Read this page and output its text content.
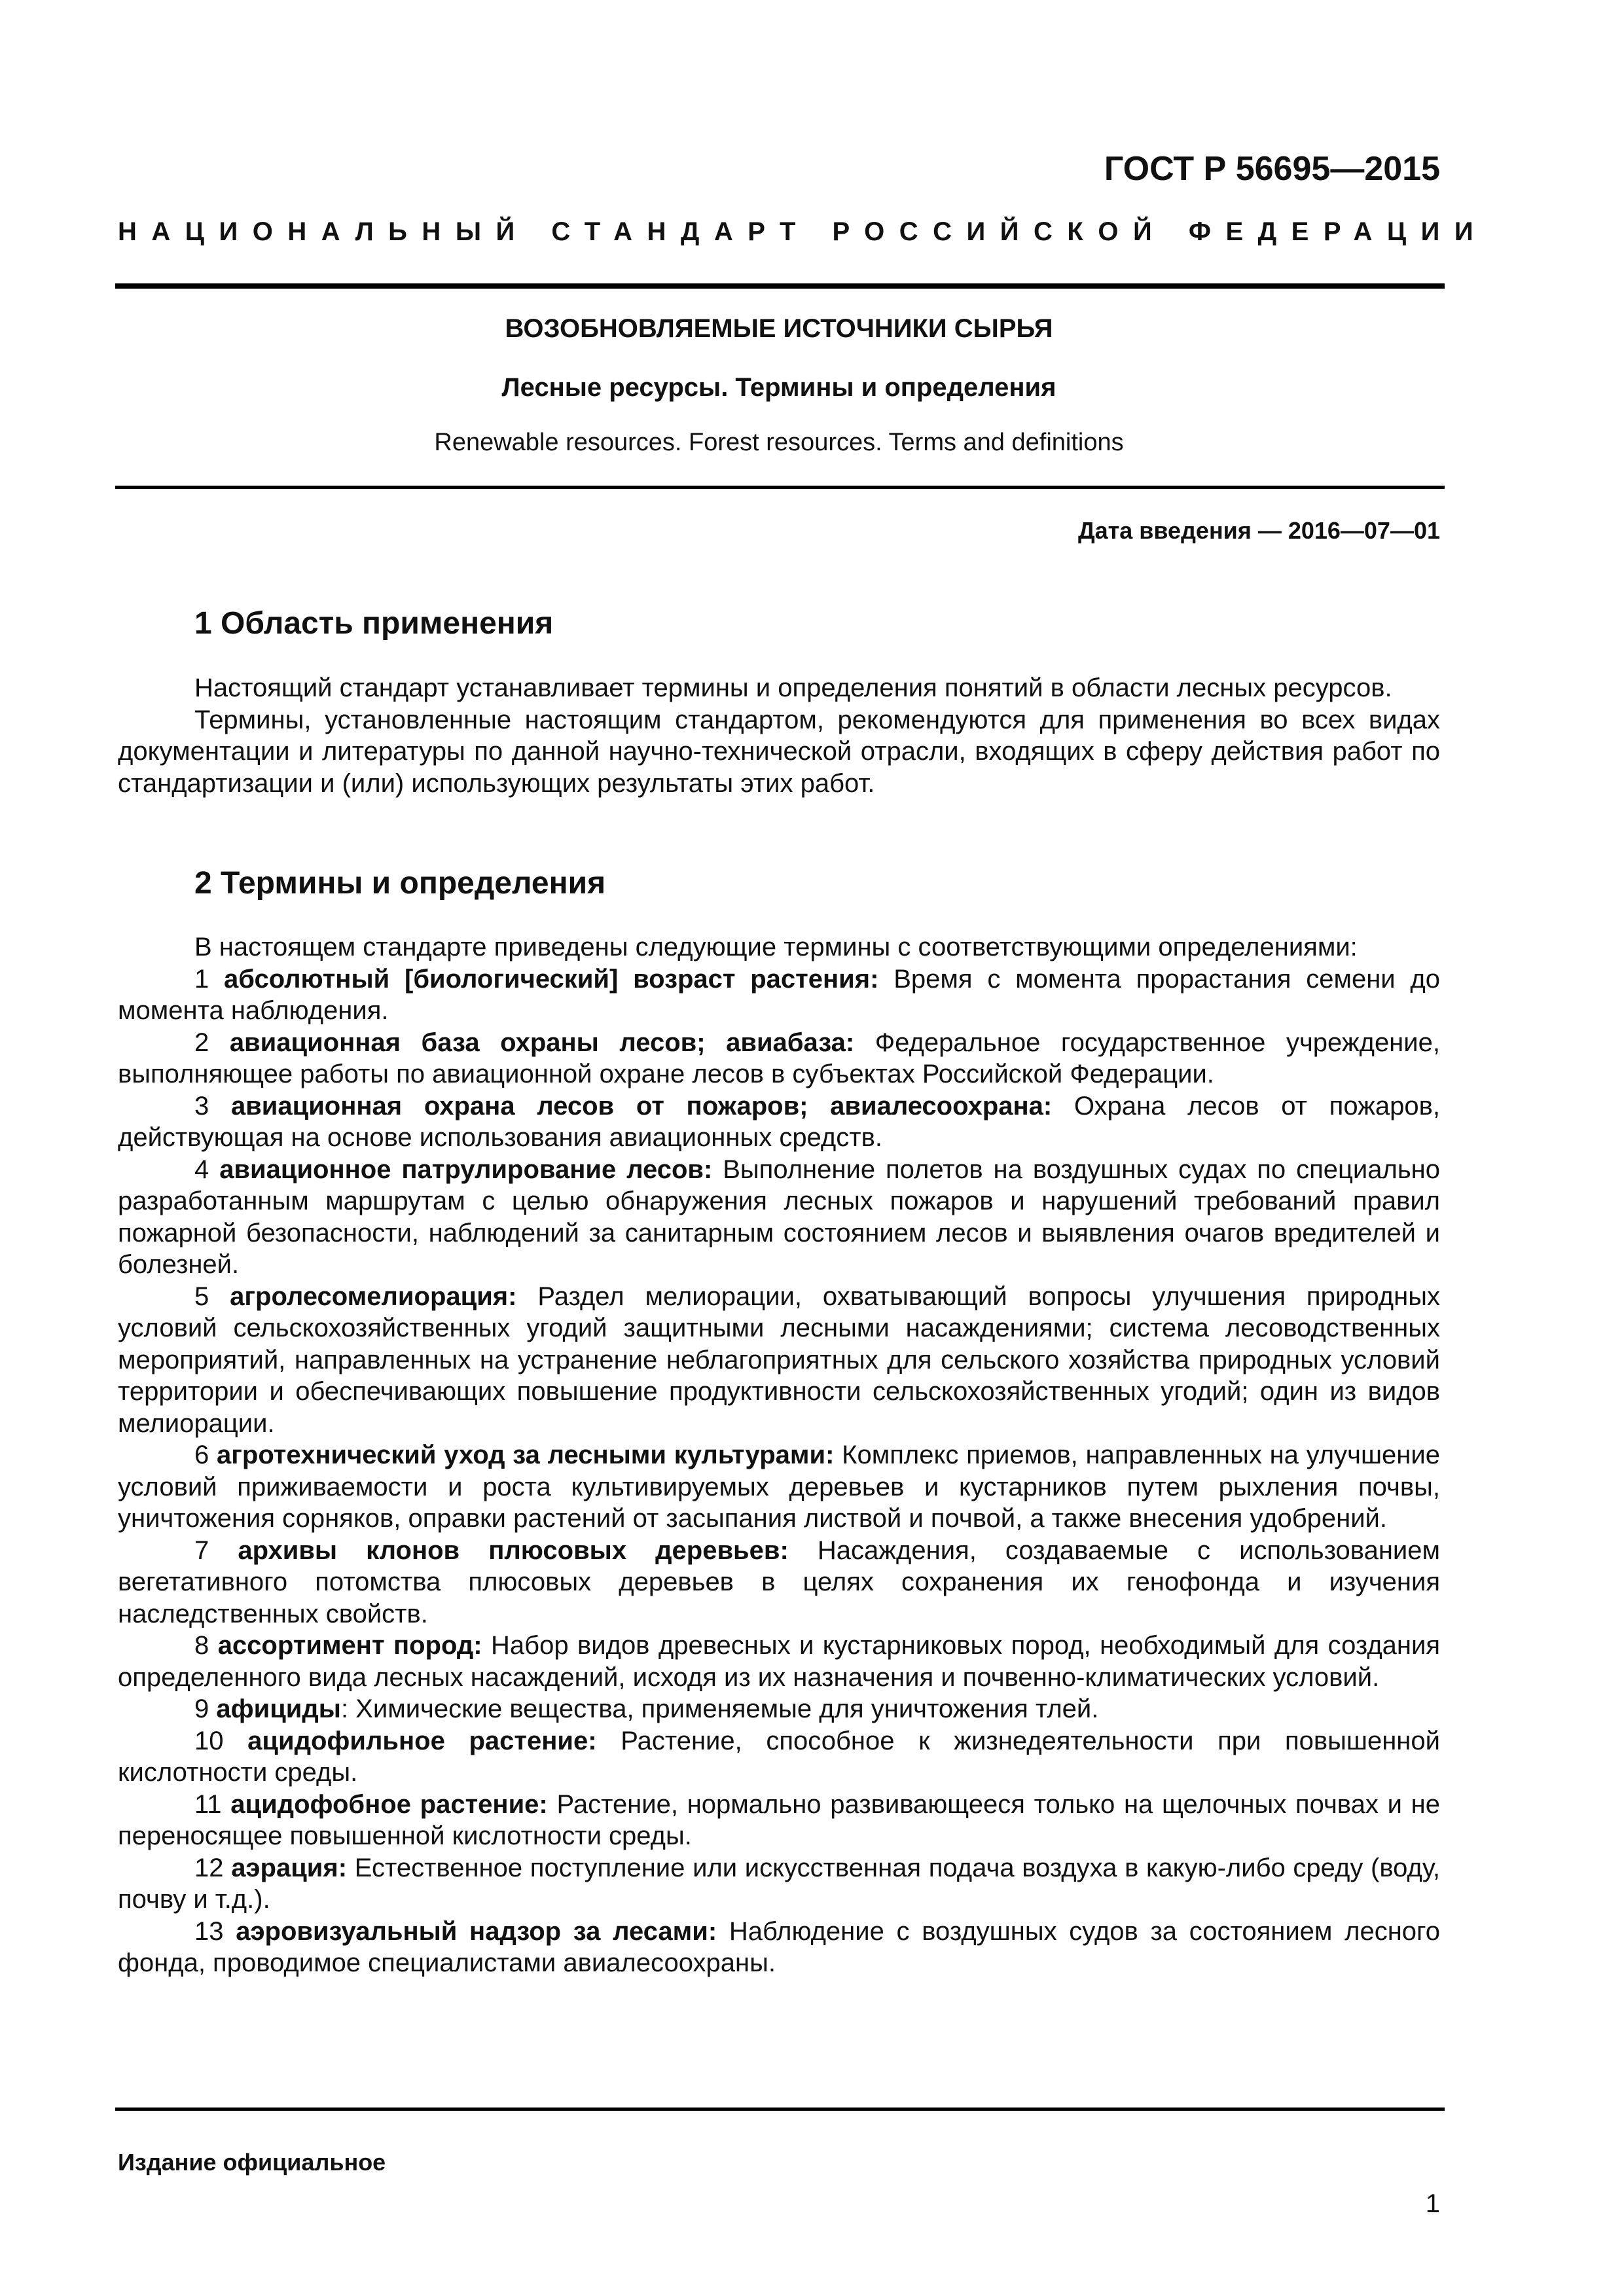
ГОСТ Р 56695—2015
НАЦИОНАЛЬНЫЙ СТАНДАРТ РОССИЙСКОЙ ФЕДЕРАЦИИ
ВОЗОБНОВЛЯЕМЫЕ ИСТОЧНИКИ СЫРЬЯ
Лесные ресурсы. Термины и определения
Renewable resources. Forest resources. Terms and definitions
Дата введения — 2016—07—01
1 Область применения

Настоящий стандарт устанавливает термины и определения понятий в области лесных ресурсов.

Термины, установленные настоящим стандартом, рекомендуются для применения во всех видах документации и литературы по данной научно-технической отрасли, входящих в сферу действия работ по стандартизации и (или) использующих результаты этих работ.

2 Термины и определения

В настоящем стандарте приведены следующие термины с соответствующими определениями:

1 абсолютный [биологический] возраст растения: Время с момента прорастания семени до момента наблюдения.

2 авиационная база охраны лесов; авиабаза: Федеральное государственное учреждение, выполняющее работы по авиационной охране лесов в субъектах Российской Федерации.

3 авиационная охрана лесов от пожаров; авиалесоохрана: Охрана лесов от пожаров, действующая на основе использования авиационных средств.

4 авиационное патрулирование лесов: Выполнение полетов на воздушных судах по специально разработанным маршрутам с целью обнаружения лесных пожаров и нарушений требований правил пожарной безопасности, наблюдений за санитарным состоянием лесов и выявления очагов вредителей и болезней.

5 агролесомелиорация: Раздел мелиорации, охватывающий вопросы улучшения природных условий сельскохозяйственных угодий защитными лесными насаждениями; система лесоводственных мероприятий, направленных на устранение неблагоприятных для сельского хозяйства природных условий территории и обеспечивающих повышение продуктивности сельскохозяйственных угодий; один из видов мелиорации.

6 агротехнический уход за лесными культурами: Комплекс приемов, направленных на улучшение условий приживаемости и роста культивируемых деревьев и кустарников путем рыхления почвы, уничтожения сорняков, оправки растений от засыпания листвой и почвой, а также внесения удобрений.

7 архивы клонов плюсовых деревьев: Насаждения, создаваемые с использованием вегетативного потомства плюсовых деревьев в целях сохранения их генофонда и изучения наследственных свойств.

8 ассортимент пород: Набор видов древесных и кустарниковых пород, необходимый для создания определенного вида лесных насаждений, исходя из их назначения и почвенно-климатических условий.

9 афициды: Химические вещества, применяемые для уничтожения тлей.

10 ацидофильное растение: Растение, способное к жизнедеятельности при повышенной кислотности среды.

11 ацидофобное растение: Растение, нормально развивающееся только на щелочных почвах и не переносящее повышенной кислотности среды.

12 аэрация: Естественное поступление или искусственная подача воздуха в какую-либо среду (воду, почву и т.д.).

13 аэровизуальный надзор за лесами: Наблюдение с воздушных судов за состоянием лесного фонда, проводимое специалистами авиалесоохраны.

Издание официальное
1
